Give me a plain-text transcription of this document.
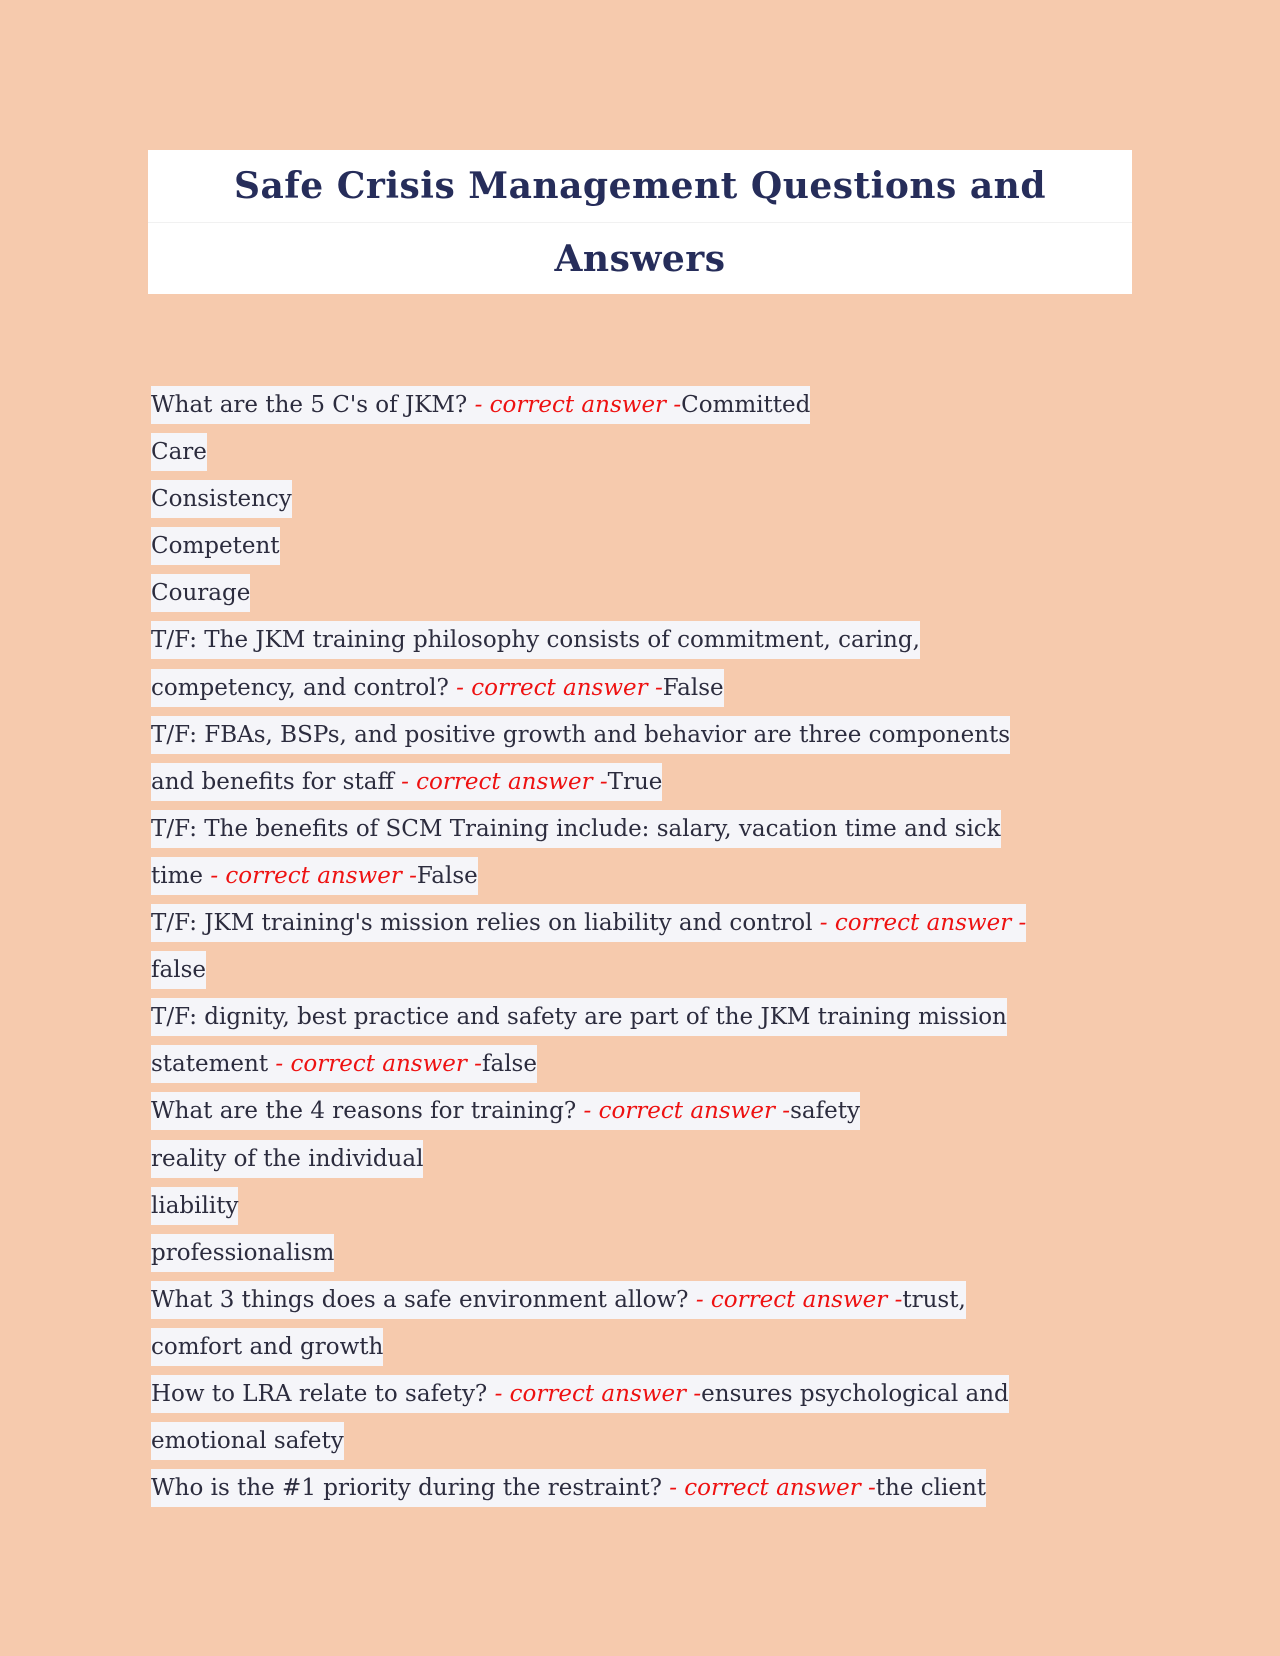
Safe Crisis Management Questions and
Answers
What are the 5 C's of JKM? - correct answer -Committed
Care
Consistency
Competent
Courage
T/F: The JKM training philosophy consists of commitment, caring,
competency, and control? - correct answer -False
T/F: FBAs, BSPs, and positive growth and behavior are three components
and benefits for staff - correct answer -True
T/F: The benefits of SCM Training include: salary, vacation time and sick
time - correct answer -False
T/F: JKM training's mission relies on liability and control - correct answer -
false
T/F: dignity, best practice and safety are part of the JKM training mission
statement - correct answer -false
What are the 4 reasons for training? - correct answer -safety
reality of the individual
liability
professionalism
What 3 things does a safe environment allow? - correct answer -trust,
comfort and growth
How to LRA relate to safety? - correct answer -ensures psychological and
emotional safety
Who is the #1 priority during the restraint? - correct answer -the client
